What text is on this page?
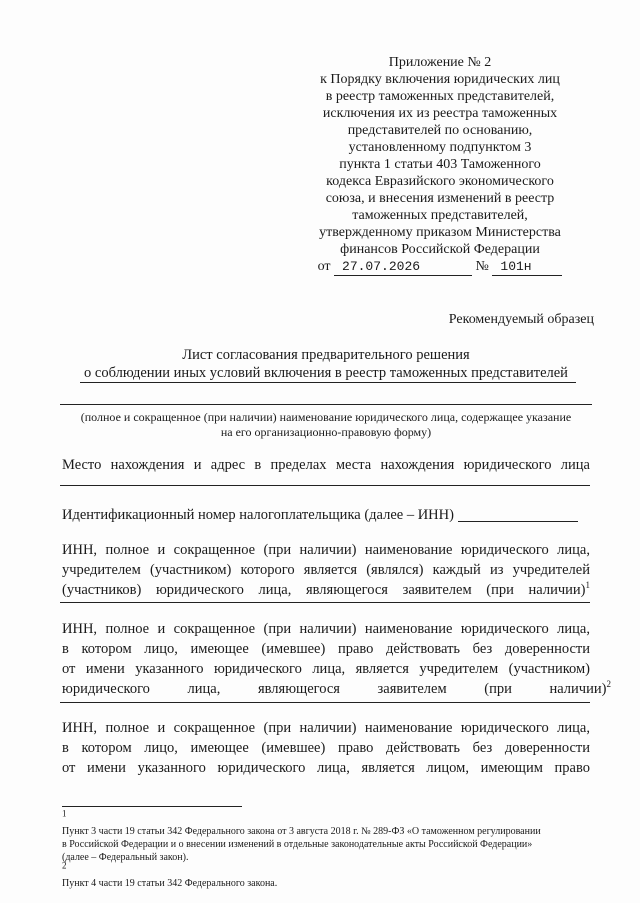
Приложение № 2
к Порядку включения юридических лиц
в реестр таможенных представителей,
исключения их из реестра таможенных
представителей по основанию,
установленному подпунктом 3
пункта 1 статьи 403 Таможенного
кодекса Евразийского экономического
союза, и внесения изменений в реестр
таможенных представителей,
утвержденному приказом Министерства
финансов Российской Федерации
от 27.07.2026	№ 101н
Рекомендуемый образец
Лист согласования предварительного решения
о соблюдении иных условий включения в реестр таможенных представителей
(полное и сокращенное (при наличии) наименование юридического лица, содержащее указание
на его организационно-правовую форму)
Место нахождения и адрес в пределах места нахождения юридического лица
Идентификационный номер налогоплательщика (далее – ИНН)
ИНН, полное и сокращенное (при наличии) наименование юридического лица,
учредителем (участником) которого является (являлся) каждый из учредителей
(участников) юридического лица, являющегося заявителем (при наличии)$^1$
ИНН, полное и сокращенное (при наличии) наименование юридического лица,
в котором лицо, имеющее (имевшее) право действовать без доверенности
от имени указанного юридического лица, является учредителем (участником)
юридического лица, являющегося заявителем (при наличии)$^2$
ИНН, полное и сокращенное (при наличии) наименование юридического лица,
в котором лицо, имеющее (имевшее) право действовать без доверенности
от имени указанного юридического лица, является лицом, имеющим право
$^1$
Пункт 3 части 19 статьи 342 Федерального закона от 3 августа 2018 г. № 289-ФЗ «О таможенном регулировании
в Российской Федерации и о внесении изменений в отдельные законодательные акты Российской Федерации»
(далее – Федеральный закон).
$^2$
Пункт 4 части 19 статьи 342 Федерального закона.
